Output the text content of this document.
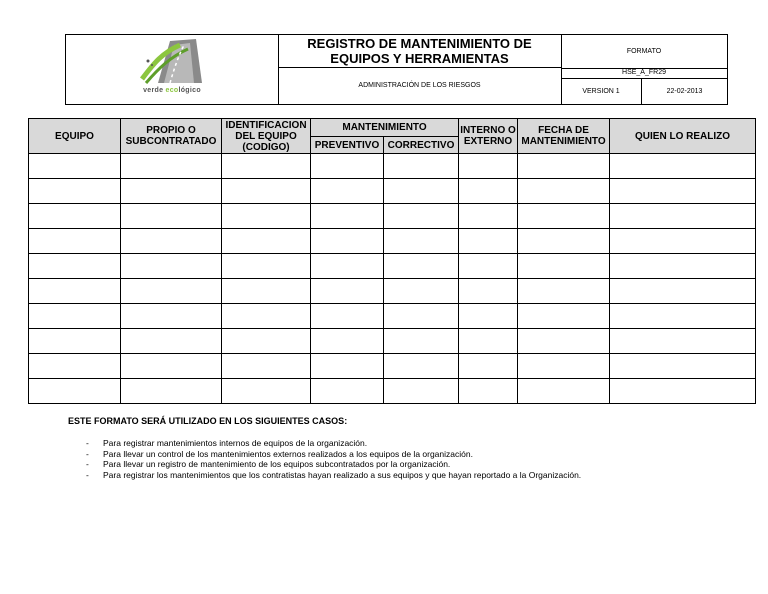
verde ecológico
REGISTRO DE MANTENIMIENTO DE EQUIPOS Y HERRAMIENTAS
ADMINISTRACIÓN DE LOS RIESGOS
FORMATO
HSE_A_FR29
VERSION 1	22-02-2013
EQUIPO	PROPIO O SUBCONTRATADO	IDENTIFICACION DEL EQUIPO (CODIGO)	MANTENIMIENTO		INTERNO O EXTERNO	FECHA DE MANTENIMIENTO	QUIEN LO REALIZO
			PREVENTIVO	CORRECTIVO			

ESTE FORMATO SERÁ UTILIZADO EN LOS SIGUIENTES CASOS:
- Para registrar mantenimientos internos de equipos de la organización.
- Para llevar un control de los mantenimientos externos realizados a los equipos de la organización.
- Para llevar un registro de mantenimiento de los equipos subcontratados por la organización.
- Para registrar los mantenimientos que los contratistas hayan realizado a sus equipos y que hayan reportado a la Organización.
